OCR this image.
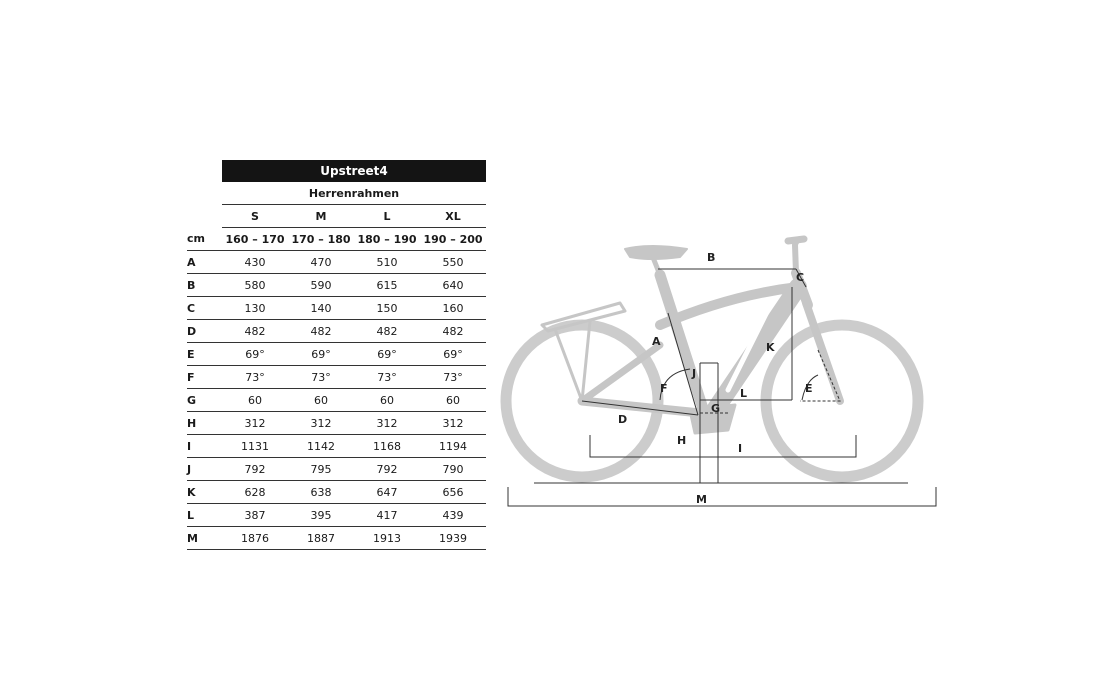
	Upstreet4			
	Herrenrahmen			
	S	M	L	XL
cm	160 – 170	170 – 180	180 – 190	190 – 200
A	430	470	510	550
B	580	590	615	640
C	130	140	150	160
D	482	482	482	482
E	69°	69°	69°	69°
F	73°	73°	73°	73°
G	60	60	60	60
H	312	312	312	312
I	1131	1142	1168	1194
J	792	795	792	790
K	628	638	647	656
L	387	395	417	439
M	1876	1887	1913	1939
B
C
K
A
J
F	E
L
G
D
H
I
M
